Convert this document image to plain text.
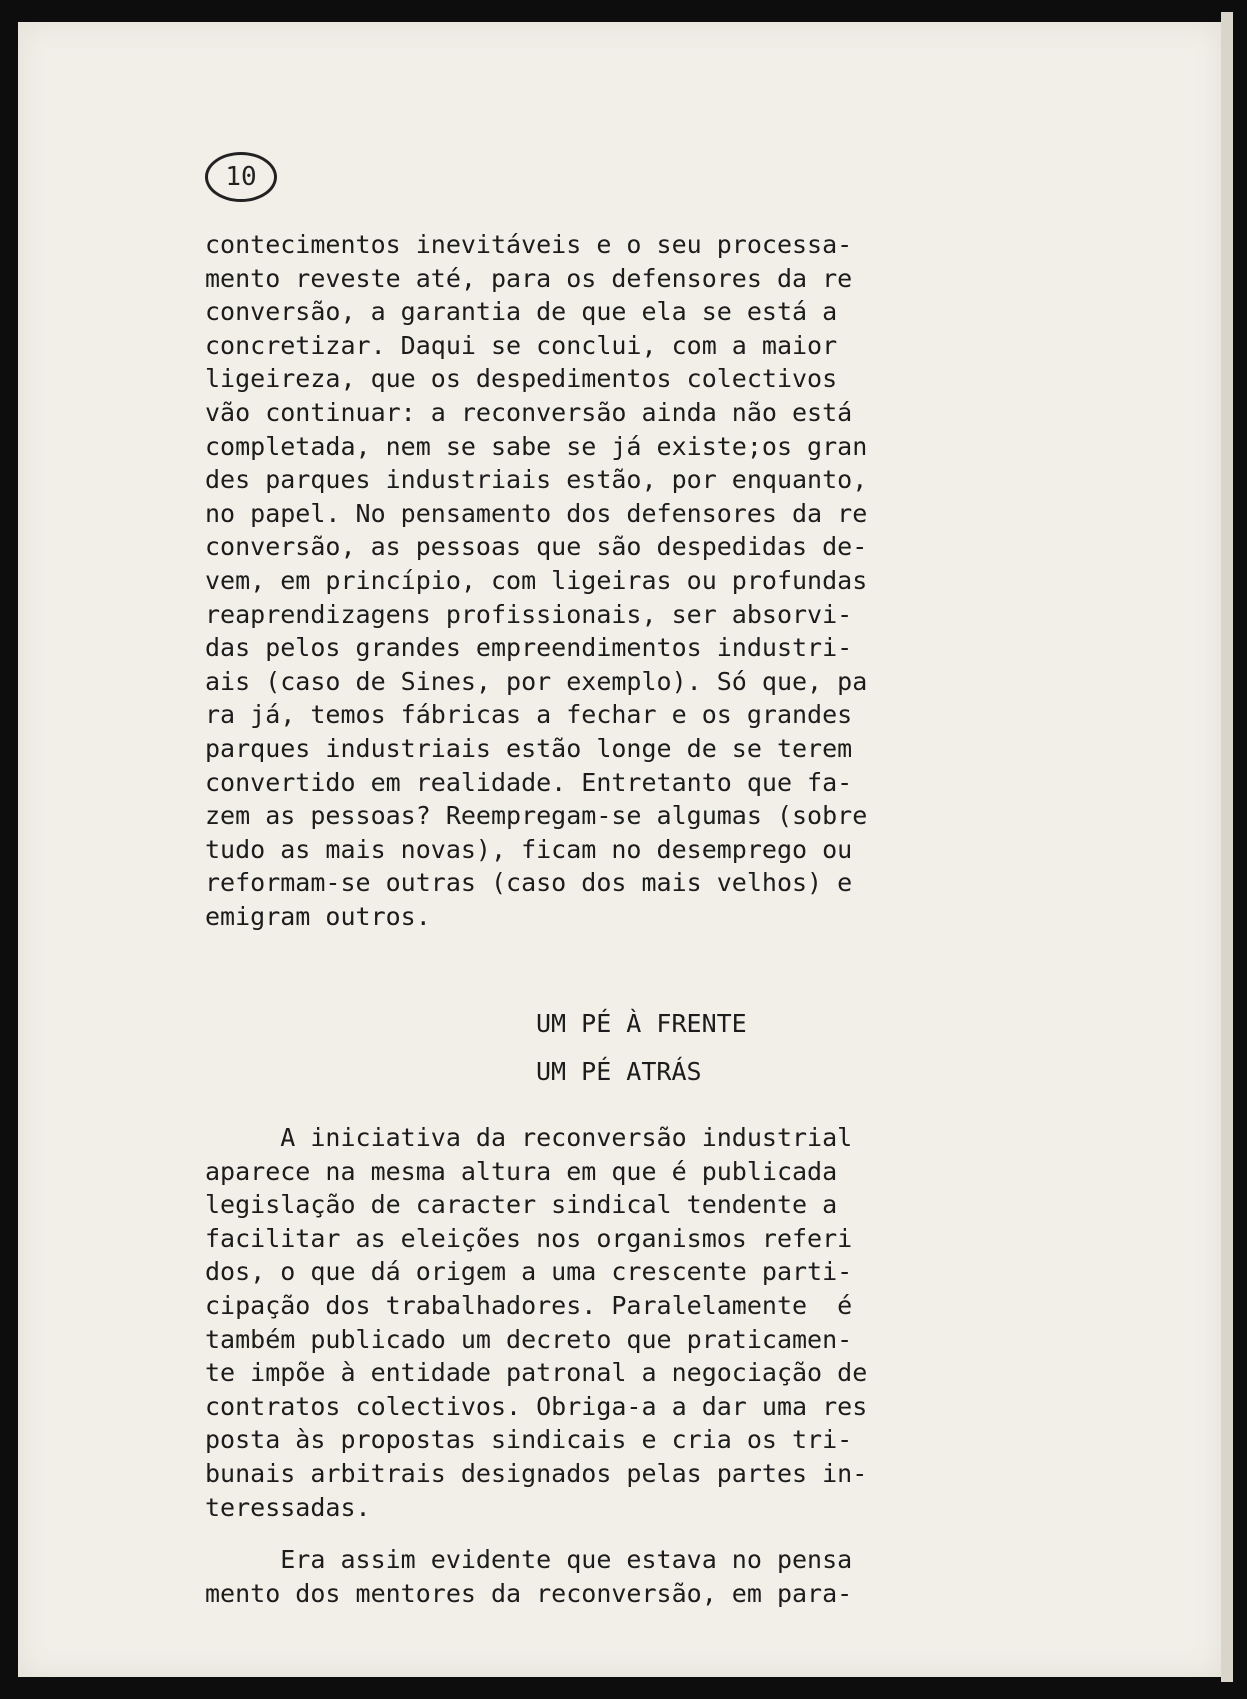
10
contecimentos inevitáveis e o seu processa-
mento reveste até, para os defensores da re
conversão, a garantia de que ela se está a
concretizar. Daqui se conclui, com a maior
ligeireza, que os despedimentos colectivos
vão continuar: a reconversão ainda não está
completada, nem se sabe se já existe;os gran
des parques industriais estão, por enquanto,
no papel. No pensamento dos defensores da re
conversão, as pessoas que são despedidas de-
vem, em princípio, com ligeiras ou profundas
reaprendizagens profissionais, ser absorvi-
das pelos grandes empreendimentos industri-
ais (caso de Sines, por exemplo). Só que, pa
ra já, temos fábricas a fechar e os grandes
parques industriais estão longe de se terem
convertido em realidade. Entretanto que fa-
zem as pessoas? Reempregam-se algumas (sobre
tudo as mais novas), ficam no desemprego ou
reformam-se outras (caso dos mais velhos) e
emigram outros.
UM PÉ À FRENTE
UM PÉ ATRÁS
A iniciativa da reconversão industrial
aparece na mesma altura em que é publicada
legislação de caracter sindical tendente a
facilitar as eleições nos organismos referi
dos, o que dá origem a uma crescente parti-
cipação dos trabalhadores. Paralelamente  é
também publicado um decreto que praticamen-
te impõe à entidade patronal a negociação de
contratos colectivos. Obriga-a a dar uma res
posta às propostas sindicais e cria os tri-
bunais arbitrais designados pelas partes in-
teressadas.
Era assim evidente que estava no pensa
mento dos mentores da reconversão, em para-
